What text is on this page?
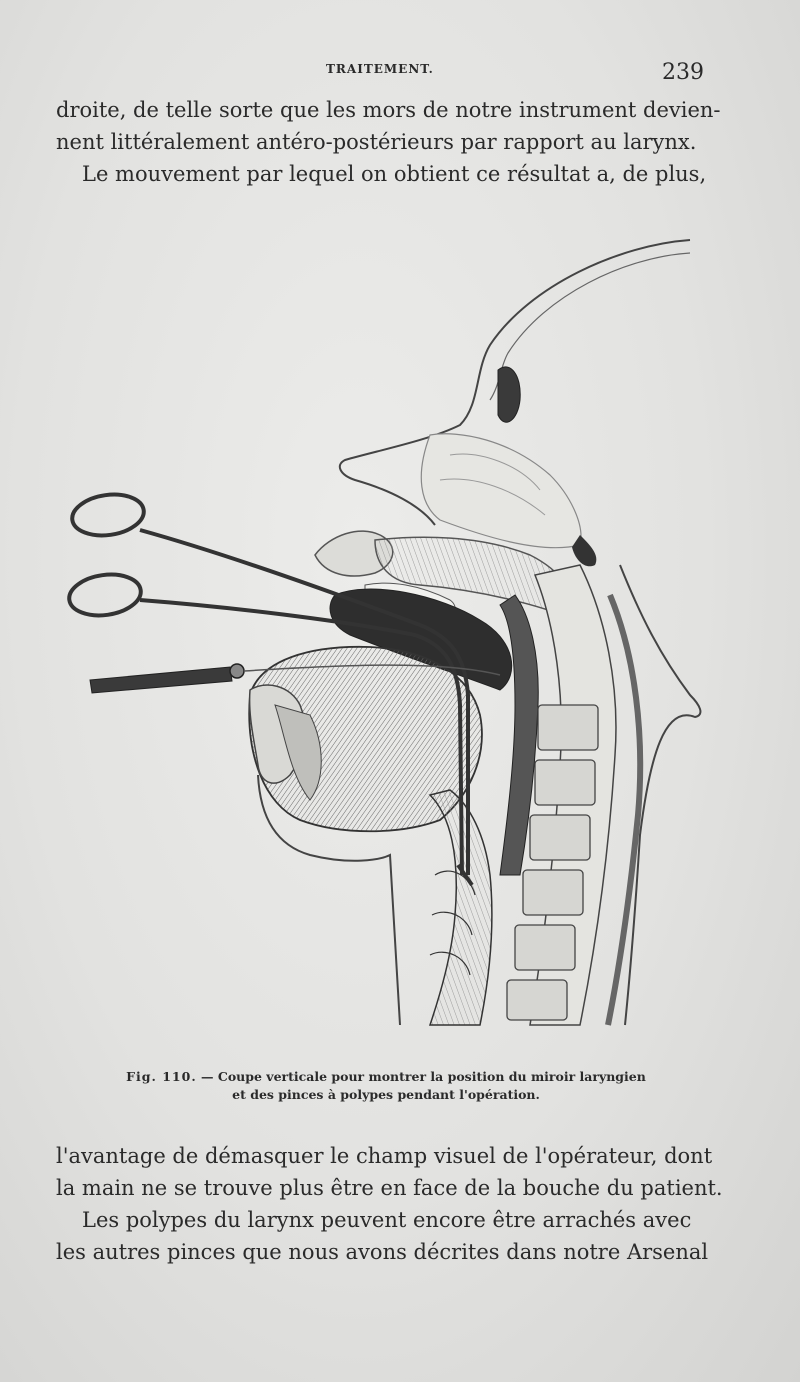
TRAITEMENT.	239
droite, de telle sorte que les mors de notre instrument devien-
nent littéralement antéro-postérieurs par rapport au larynx.
Le mouvement par lequel on obtient ce résultat a, de plus,
Fig. 110. — Coupe verticale pour montrer la position du miroir laryngien
et des pinces à polypes pendant l'opération.
l'avantage de démasquer le champ visuel de l'opérateur, dont
la main ne se trouve plus être en face de la bouche du patient.
Les polypes du larynx peuvent encore être arrachés avec
les autres pinces que nous avons décrites dans notre Arsenal
